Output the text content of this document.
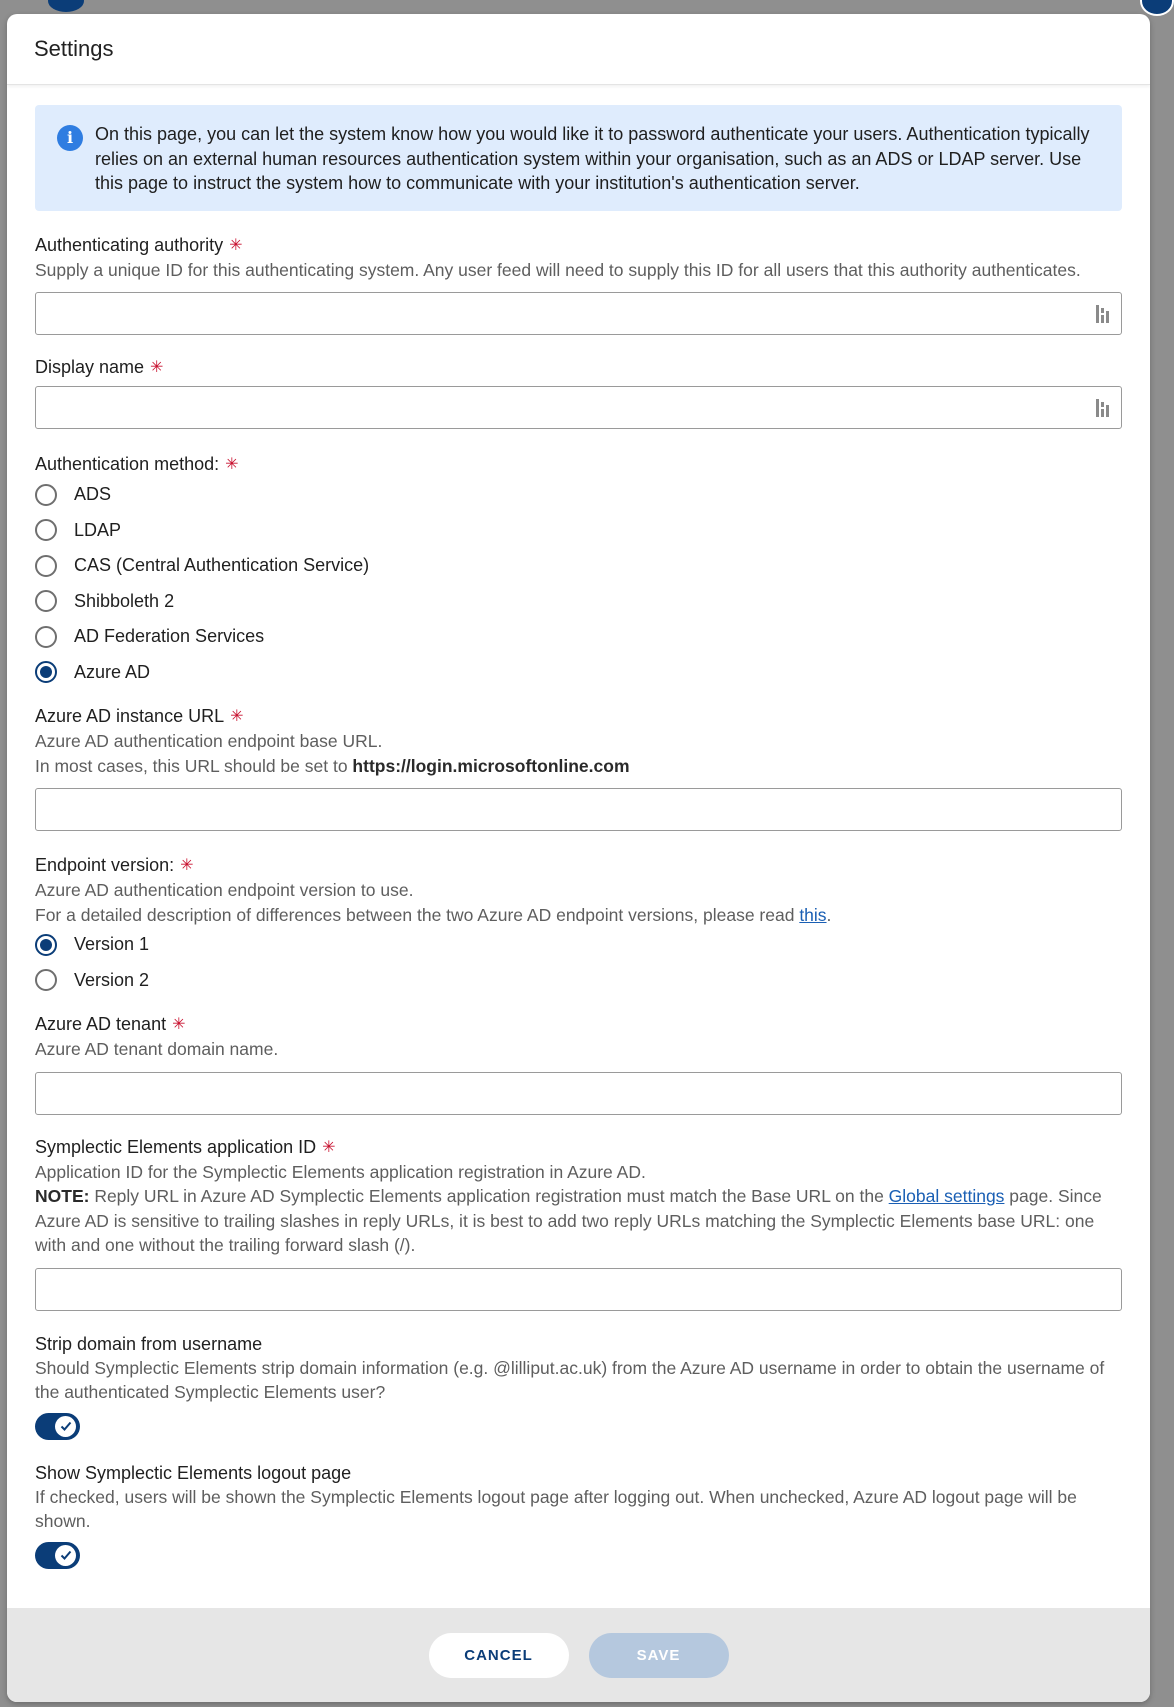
Settings
i	On this page, you can let the system know how you would like it to password authenticate your users. Authentication typically relies on an external human resources authentication system within your organisation, such as an ADS or LDAP server. Use this page to instruct the system how to communicate with your institution's authentication server.
Authenticating authority ✳
Supply a unique ID for this authenticating system. Any user feed will need to supply this ID for all users that this authority authenticates.
Display name ✳
Authentication method: ✳
ADS
LDAP
CAS (Central Authentication Service)
Shibboleth 2
AD Federation Services
Azure AD
Azure AD instance URL ✳
Azure AD authentication endpoint base URL.
In most cases, this URL should be set to https://login.microsoftonline.com
Endpoint version: ✳
Azure AD authentication endpoint version to use.
For a detailed description of differences between the two Azure AD endpoint versions, please read this.
Version 1
Version 2
Azure AD tenant ✳
Azure AD tenant domain name.
Symplectic Elements application ID ✳
Application ID for the Symplectic Elements application registration in Azure AD.
NOTE: Reply URL in Azure AD Symplectic Elements application registration must match the Base URL on the Global settings page. Since Azure AD is sensitive to trailing slashes in reply URLs, it is best to add two reply URLs matching the Symplectic Elements base URL: one with and one without the trailing forward slash (/).
Strip domain from username
Should Symplectic Elements strip domain information (e.g. @lilliput.ac.uk) from the Azure AD username in order to obtain the username of the authenticated Symplectic Elements user?
Show Symplectic Elements logout page
If checked, users will be shown the Symplectic Elements logout page after logging out. When unchecked, Azure AD logout page will be shown.
CANCEL	SAVE
